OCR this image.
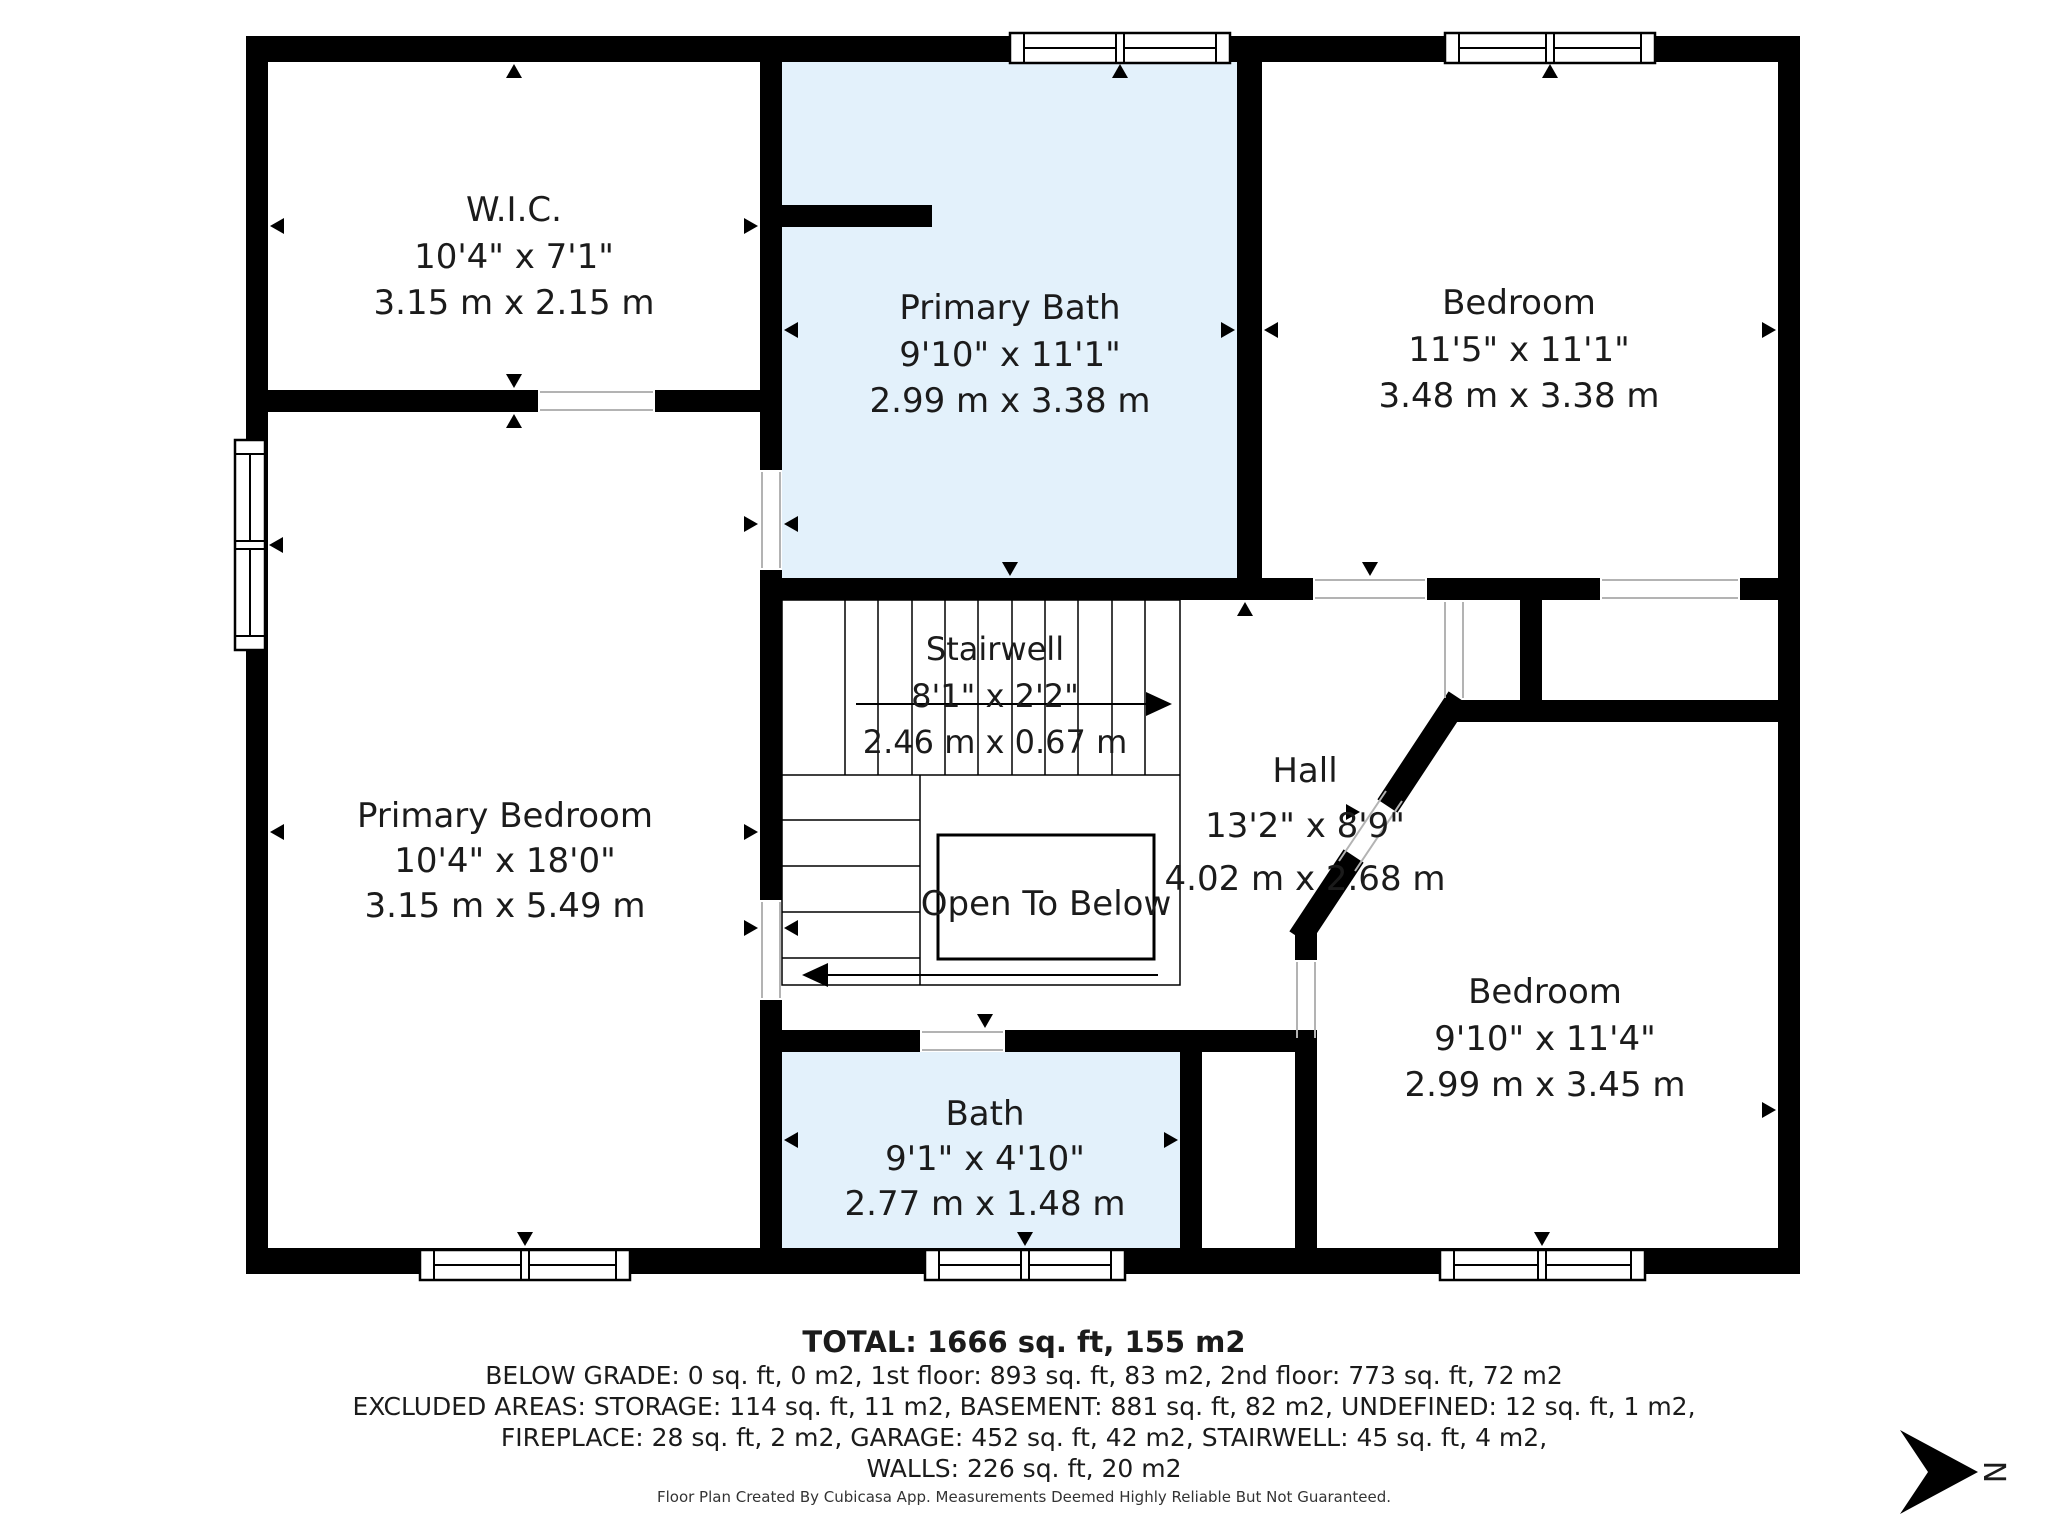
W.I.C.
10'4" x 7'1"
3.15 m x 2.15 m	Primary Bath
9'10" x 11'1"
2.99 m x 3.38 m
Bedroom
11'5" x 11'1"
3.48 m x 3.38 m
Primary Bedroom
10'4" x 18'0"
3.15 m x 5.49 m
Stairwell
8'1" x 2'2"
2.46 m x 0.67 m
Open To Below
Hall
13'2" x 8'9"
4.02 m x 2.68 m
Bath
9'1" x 4'10"
2.77 m x 1.48 m
Bedroom
9'10" x 11'4"
2.99 m x 3.45 m
TOTAL: 1666 sq. ft, 155 m2
BELOW GRADE: 0 sq. ft, 0 m2, 1st floor: 893 sq. ft, 83 m2, 2nd floor: 773 sq. ft, 72 m2
EXCLUDED AREAS: STORAGE: 114 sq. ft, 11 m2, BASEMENT: 881 sq. ft, 82 m2, UNDEFINED: 12 sq. ft, 1 m2,
FIREPLACE: 28 sq. ft, 2 m2, GARAGE: 452 sq. ft, 42 m2, STAIRWELL: 45 sq. ft, 4 m2,
WALLS: 226 sq. ft, 20 m2
Floor Plan Created By Cubicasa App. Measurements Deemed Highly Reliable But Not Guaranteed.
N
